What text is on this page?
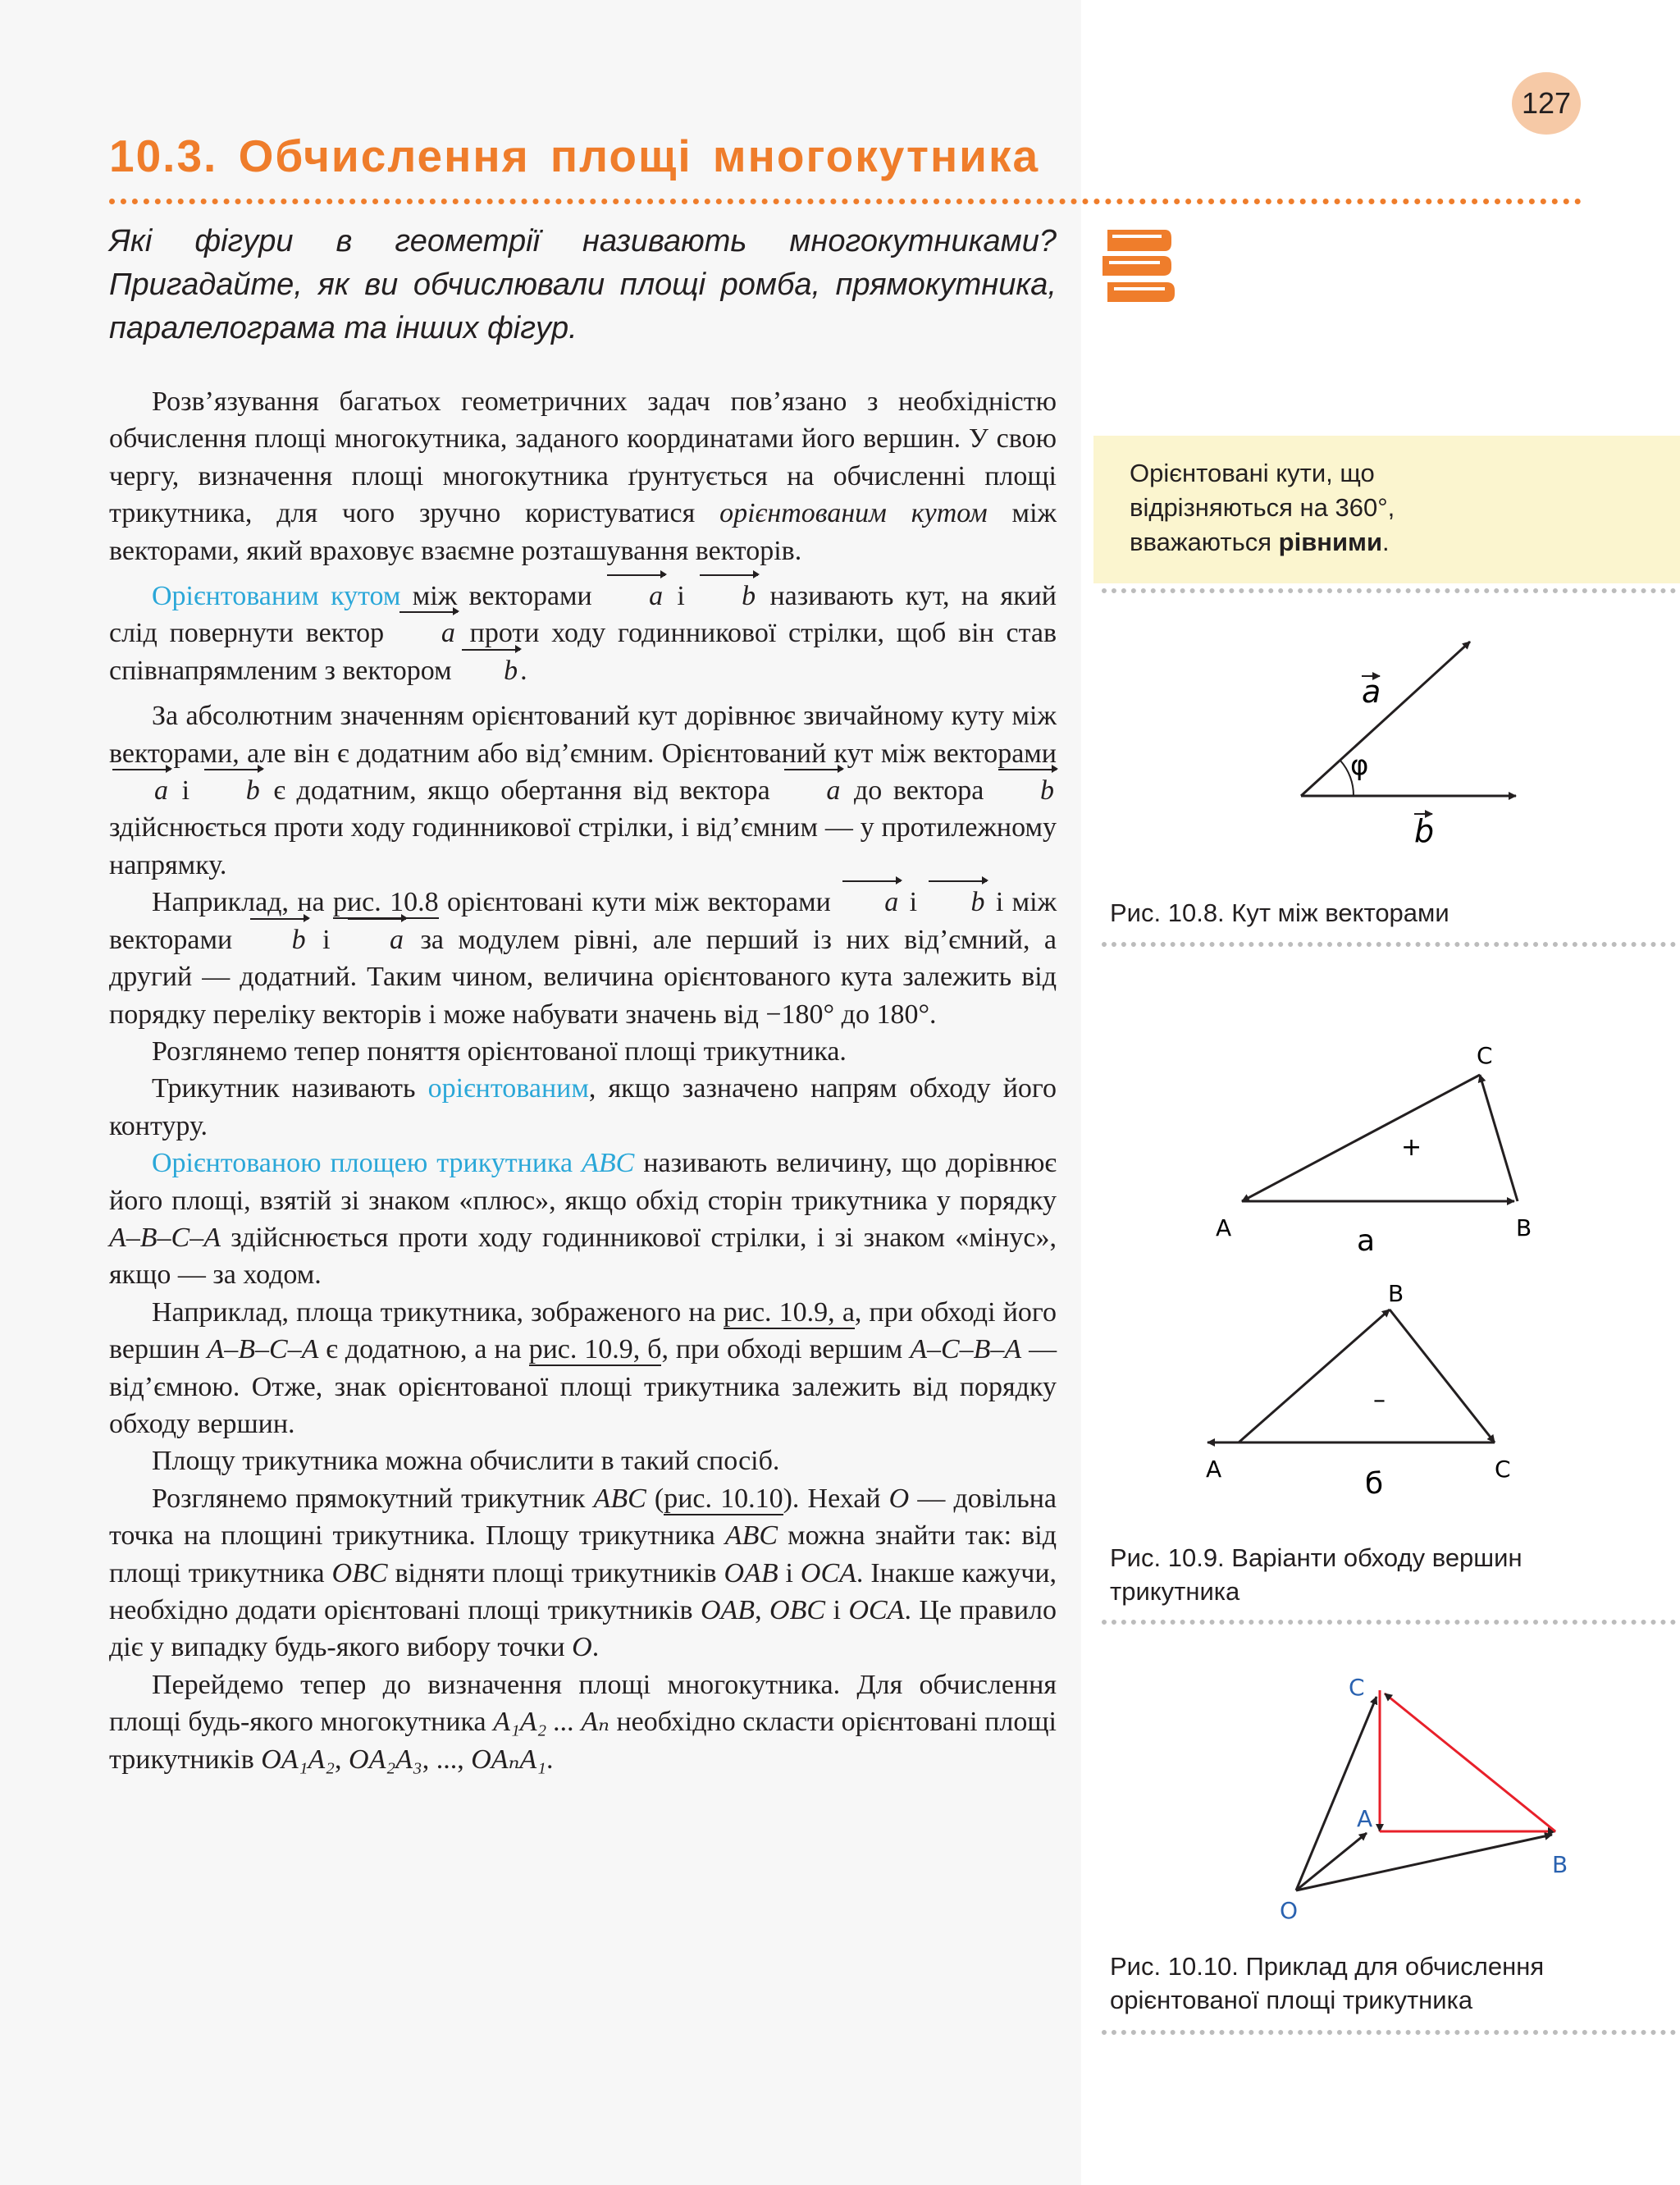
127
10.3. Обчислення площі многокутника

Які фігури в геометрії називають многокутниками? Пригадайте, як ви обчислювали площі ромба, прямокутника, паралелограма та інших фігур.

Розв’язування багатьох геометричних задач пов’язано з необхідністю обчислення площі многокутника, заданого координатами його вершин. У свою чергу, визначення площі многокутника ґрунтується на обчисленні площі трикутника, для чого зручно користуватися орієнтованим кутом між векторами, який враховує взаємне розташування векторів.

Орієнтованим кутом між векторами a і b називають кут, на який слід повернути вектор a проти ходу годинникової стрілки, щоб він став співнапрямленим з вектором b.

За абсолютним значенням орієнтований кут дорівнює звичайному куту між векторами, але він є додатним або від’ємним. Орієнтований кут між векторами a і b є додатним, якщо обертання від вектора a до вектора b здійснюється проти ходу годинникової стрілки, і від’ємним — у протилежному напрямку.

Наприклад, на рис. 10.8 орієнтовані кути між векторами a і b і між векторами b і a за модулем рівні, але перший із них від’ємний, а другий — додатний. Таким чином, величина орієнтованого кута залежить від порядку переліку векторів і може набувати значень від −180° до 180°.

Розглянемо тепер поняття орієнтованої площі трикутника.

Трикутник називають орієнтованим, якщо зазначено напрям обходу його контуру.

Орієнтованою площею трикутника ABC називають величину, що дорівнює його площі, взятій зі знаком «плюс», якщо обхід сторін трикутника у порядку A–B–C–A здійснюється проти ходу годинникової стрілки, і зі знаком «мінус», якщо — за ходом.

Наприклад, площа трикутника, зображеного на рис. 10.9, а, при обході його вершин A–B–C–A є додатною, а на рис. 10.9, б, при обході вершим A–C–B–A — від’ємною. Отже, знак орієнтованої площі трикутника залежить від порядку обходу вершин.

Площу трикутника можна обчислити в такий спосіб.

Розглянемо прямокутний трикутник ABC (рис. 10.10). Нехай O — довільна точка на площині трикутника. Площу трикутника ABC можна знайти так: від площі трикутника OBC відняти площі трикутників OAB і OCA. Інакше кажучи, необхідно додати орієнтовані площі трикутників OAB, OBC і OCA. Це правило діє у випадку будь-якого вибору точки O.

Перейдемо тепер до визначення площі многокутника. Для обчислення площі будь-якого многокутника A₁A₂ ... Aₙ необхідно скласти орієнтовані площі трикутників OA₁A₂, OA₂A₃, ..., OAₙA₁.

Орієнтовані кути, що відрізняються на 360°, вважаються рівними.

φ
a
b

Рис. 10.8. Кут між векторами

C
A	B
+
а
B
A	C
–
б

Рис. 10.9. Варіанти обходу вершин трикутника

C
A
B
O

Рис. 10.10. Приклад для обчислення орієнтованої площі трикутника
